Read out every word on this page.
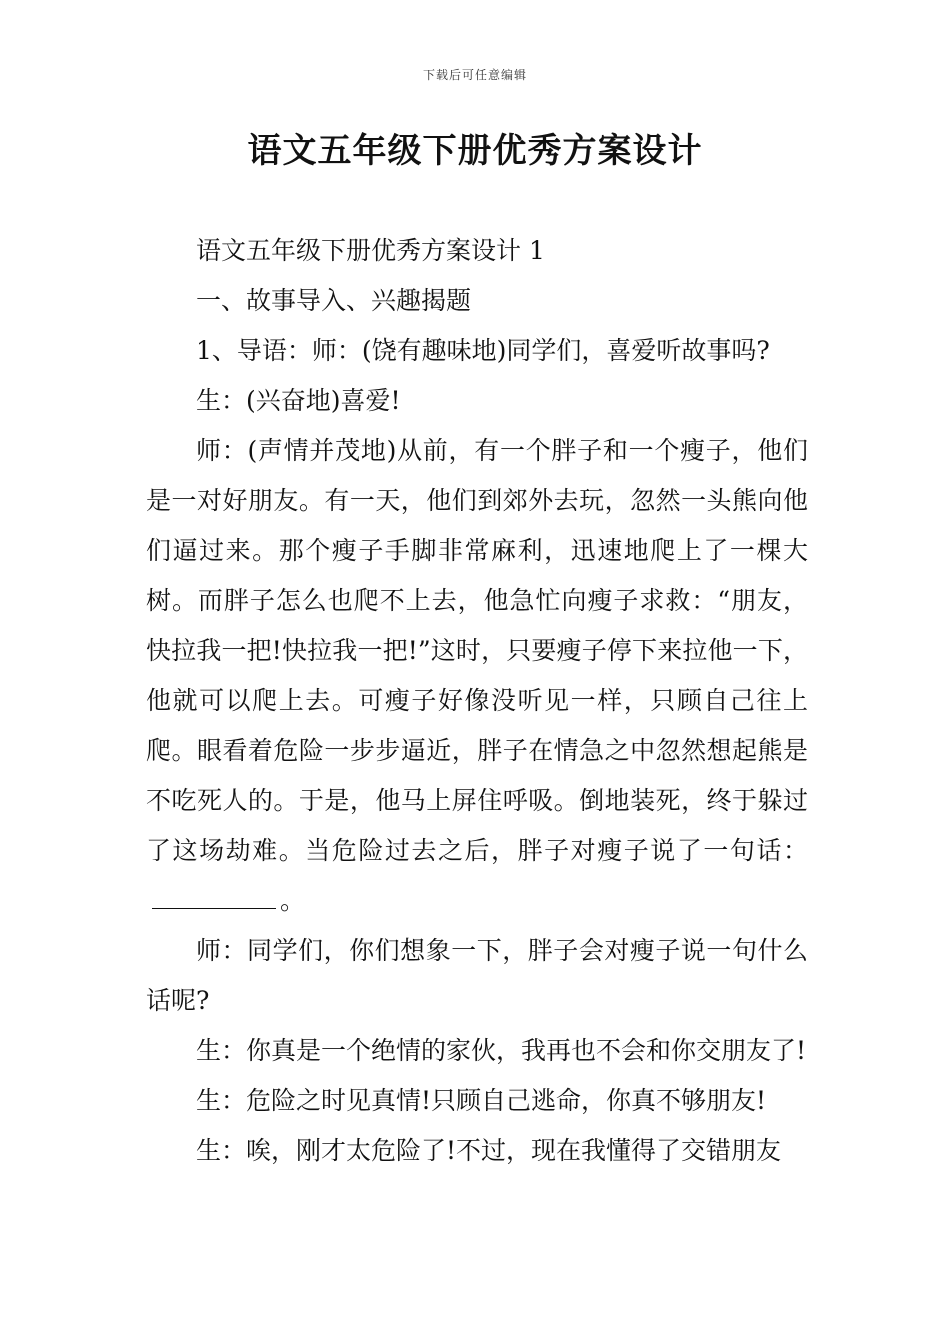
下载后可任意编辑
语文五年级下册优秀方案设计

语文五年级下册优秀方案设计 1

一、故事导入、兴趣揭题

1、导语：师：(饶有趣味地)同学们，喜爱听故事吗?

生：(兴奋地)喜爱!

师：(声情并茂地)从前，有一个胖子和一个瘦子，他们是一对好朋友。有一天，他们到郊外去玩，忽然一头熊向他们逼过来。那个瘦子手脚非常麻利，迅速地爬上了一棵大树。而胖子怎么也爬不上去，他急忙向瘦子求救：“朋友，快拉我一把!快拉我一把!”这时，只要瘦子停下来拉他一下，他就可以爬上去。可瘦子好像没听见一样，只顾自己往上爬。眼看着危险一步步逼近，胖子在情急之中忽然想起熊是不吃死人的。于是，他马上屏住呼吸。倒地装死，终于躲过了这场劫难。当危险过去之后，胖子对瘦子说了一句话：。

师：同学们，你们想象一下，胖子会对瘦子说一句什么话呢?

生：你真是一个绝情的家伙，我再也不会和你交朋友了!

生：危险之时见真情!只顾自己逃命，你真不够朋友!

生：唉，刚才太危险了!不过，现在我懂得了交错朋友
